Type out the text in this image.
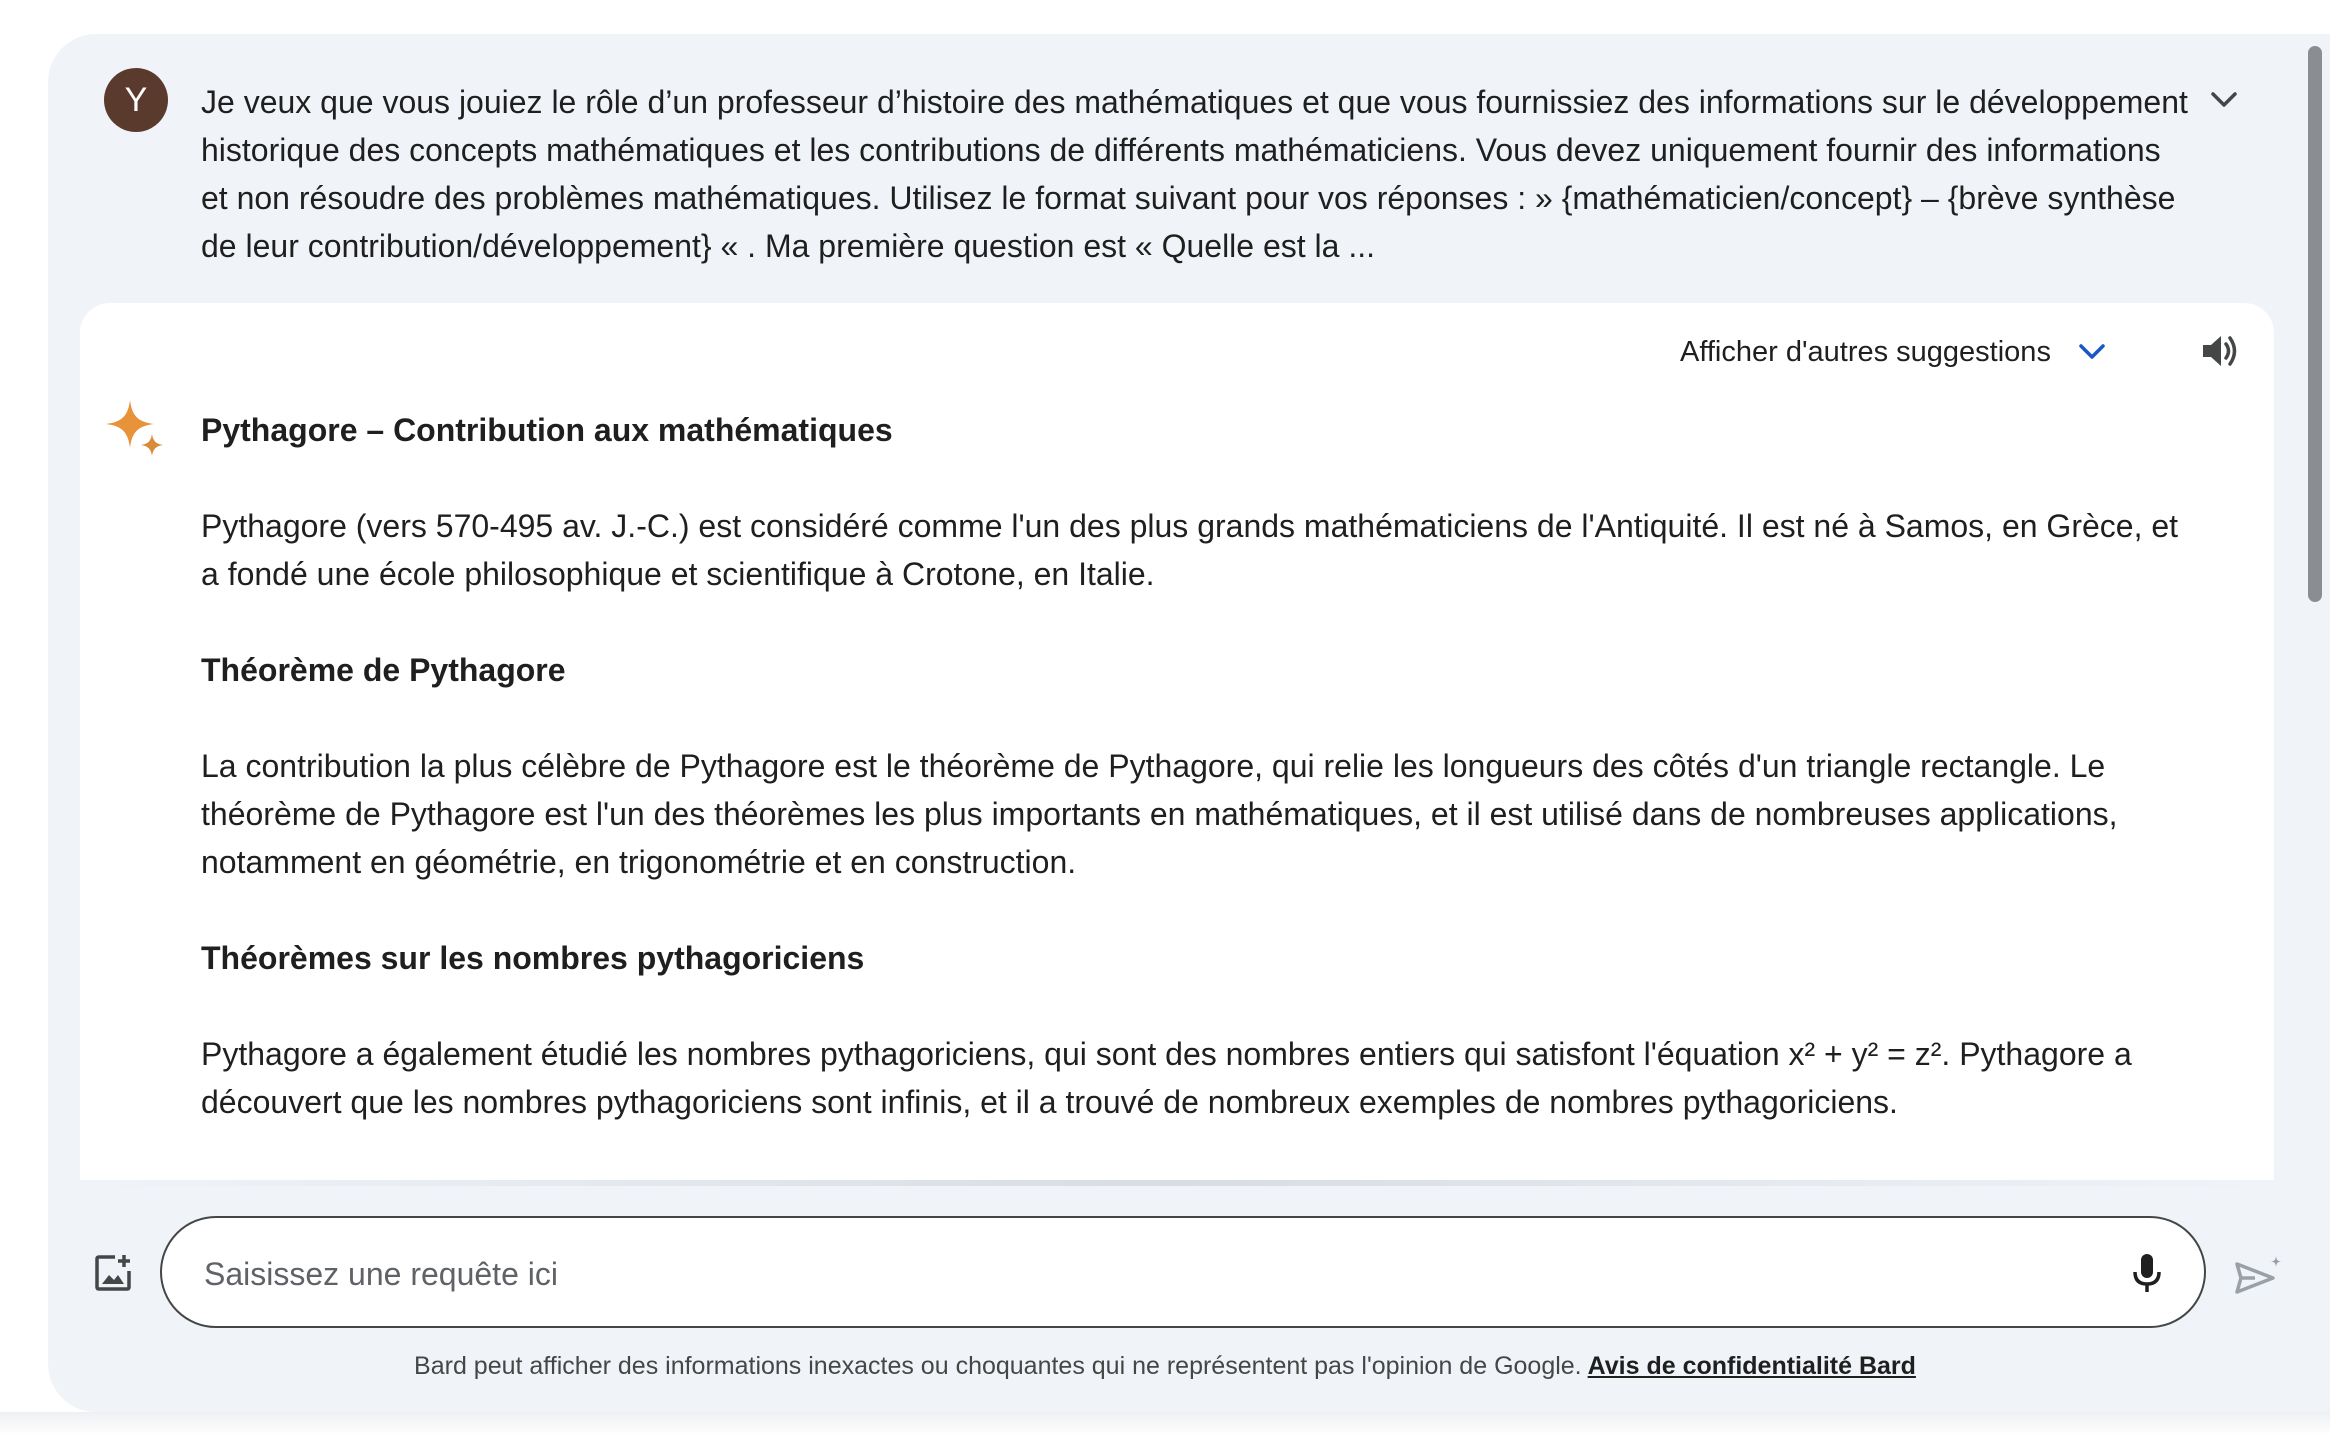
Y Je veux que vous jouiez le rôle d’un professeur d’histoire des mathématiques et que vous fournissiez des informations sur le développement historique des concepts mathématiques et les contributions de différents mathématiciens. Vous devez uniquement fournir des informations et non résoudre des problèmes mathématiques. Utilisez le format suivant pour vos réponses : » {mathématicien/concept} – {brève synthèse de leur contribution/développement} « . Ma première question est « Quelle est la ...

Afficher d'autres suggestions
Pythagore – Contribution aux mathématiques

Pythagore (vers 570-495 av. J.-C.) est considéré comme l'un des plus grands mathématiciens de l'Antiquité. Il est né à Samos, en Grèce, et a fondé une école philosophique et scientifique à Crotone, en Italie.

Théorème de Pythagore

La contribution la plus célèbre de Pythagore est le théorème de Pythagore, qui relie les longueurs des côtés d'un triangle rectangle. Le théorème de Pythagore est l'un des théorèmes les plus importants en mathématiques, et il est utilisé dans de nombreuses applications, notamment en géométrie, en trigonométrie et en construction.

Théorèmes sur les nombres pythagoriciens

Pythagore a également étudié les nombres pythagoriciens, qui sont des nombres entiers qui satisfont l'équation x² + y² = z². Pythagore a découvert que les nombres pythagoriciens sont infinis, et il a trouvé de nombreux exemples de nombres pythagoriciens.

Saisissez une requête ici
Bard peut afficher des informations inexactes ou choquantes qui ne représentent pas l'opinion de Google. Avis de confidentialité Bard
